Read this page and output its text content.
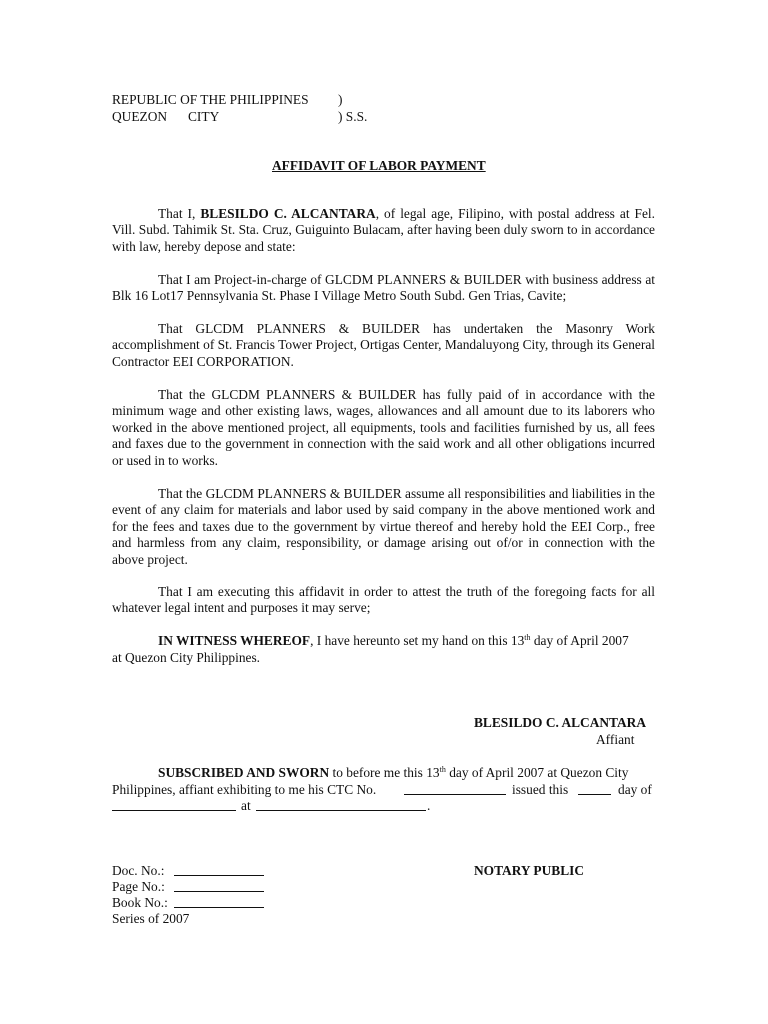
REPUBLIC OF THE PHILIPPINES )
QUEZON CITY	) S.S.
AFFIDAVIT OF LABOR PAYMENT
That I, BLESILDO C. ALCANTARA, of legal age, Filipino, with postal address at Fel. Vill. Subd. Tahimik St. Sta. Cruz, Guiguinto Bulacam, after having been duly sworn to in accordance with law, hereby depose and state:
That I am Project-in-charge of GLCDM PLANNERS & BUILDER with business address at Blk 16 Lot17 Pennsylvania St. Phase I Village Metro South Subd. Gen Trias, Cavite;
That GLCDM PLANNERS & BUILDER has undertaken the Masonry Work accomplishment of St. Francis Tower Project, Ortigas Center, Mandaluyong City, through its General Contractor EEI CORPORATION.
That the GLCDM PLANNERS & BUILDER has fully paid of in accordance with the minimum wage and other existing laws, wages, allowances and all amount due to its laborers who worked in the above mentioned project, all equipments, tools and facilities furnished by us, all fees and faxes due to the government in connection with the said work and all other obligations incurred or used in to works.
That the GLCDM PLANNERS & BUILDER assume all responsibilities and liabilities in the event of any claim for materials and labor used by said company in the above mentioned work and for the fees and taxes due to the government by virtue thereof and hereby hold the EEI Corp., free and harmless from any claim, responsibility, or damage arising out of/or in connection with the above project.
That I am executing this affidavit in order to attest the truth of the foregoing facts for all whatever legal intent and purposes it may serve;
IN WITNESS WHEREOF, I have hereunto set my hand on this 13th day of April 2007
at Quezon City Philippines.
BLESILDO C. ALCANTARA
Affiant
SUBSCRIBED AND SWORN to before me this 13th day of April 2007 at Quezon City
Philippines, affiant exhibiting to me his CTC No.	issued this	day of
at	.
Doc. No.:
Page No.:
Book No.:
Series of 2007
NOTARY PUBLIC
